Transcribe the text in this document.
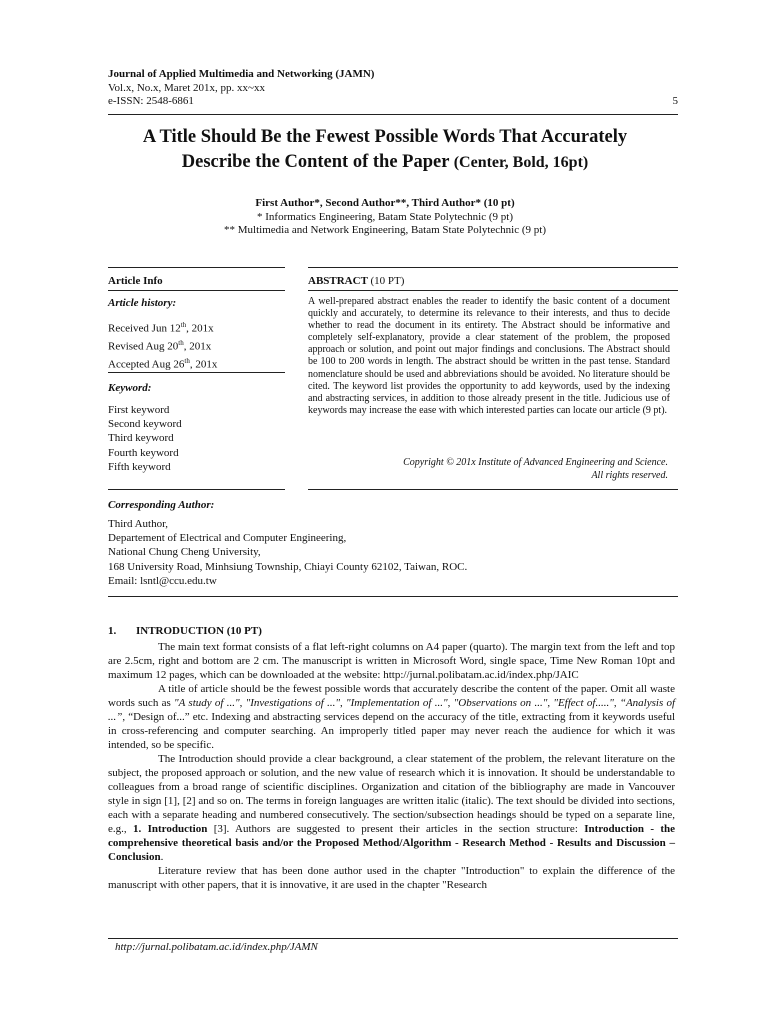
Journal of Applied Multimedia and Networking (JAMN)
Vol.x, No.x, Maret 201x, pp. xx~xx
e-ISSN: 2548-6861	5
A Title Should Be the Fewest Possible Words That Accurately
Describe the Content of the Paper (Center, Bold, 16pt)
First Author*, Second Author**, Third Author* (10 pt)
* Informatics Engineering, Batam State Polytechnic (9 pt)
** Multimedia and Network Engineering, Batam State Polytechnic (9 pt)
Article Info	ABSTRACT (10 PT)
Article history:
Received Jun 12th, 201x
Revised Aug 20th, 201x
Accepted Aug 26th, 201x
Keyword:
First keyword
Second keyword
Third keyword
Fourth keyword
Fifth keyword
A well-prepared abstract enables the reader to identify the basic content of a document quickly and accurately, to determine its relevance to their interests, and thus to decide whether to read the document in its entirety. The Abstract should be informative and completely self-explanatory, provide a clear statement of the problem, the proposed approach or solution, and point out major findings and conclusions. The Abstract should be 100 to 200 words in length. The abstract should be written in the past tense. Standard nomenclature should be used and abbreviations should be avoided. No literature should be cited. The keyword list provides the opportunity to add keywords, used by the indexing and abstracting services, in addition to those already present in the title. Judicious use of keywords may increase the ease with which interested parties can locate our article (9 pt).
Copyright © 201x Institute of Advanced Engineering and Science.
All rights reserved.
Corresponding Author:
Third Author,
Departement of Electrical and Computer Engineering,
National Chung Cheng University,
168 University Road, Minhsiung Township, Chiayi County 62102, Taiwan, ROC.
Email: lsntl@ccu.edu.tw
1. INTRODUCTION (10 PT)

The main text format consists of a flat left-right columns on A4 paper (quarto). The margin text from the left and top are 2.5cm, right and bottom are 2 cm. The manuscript is written in Microsoft Word, single space, Time New Roman 10pt and maximum 12 pages, which can be downloaded at the website: http://jurnal.polibatam.ac.id/index.php/JAIC

A title of article should be the fewest possible words that accurately describe the content of the paper. Omit all waste words such as "A study of ...", "Investigations of ...", "Implementation of ...", "Observations on ...", "Effect of.....", “Analysis of ...”, “Design of...” etc. Indexing and abstracting services depend on the accuracy of the title, extracting from it keywords useful in cross-referencing and computer searching. An improperly titled paper may never reach the audience for which it was intended, so be specific.

The Introduction should provide a clear background, a clear statement of the problem, the relevant literature on the subject, the proposed approach or solution, and the new value of research which it is innovation. It should be understandable to colleagues from a broad range of scientific disciplines. Organization and citation of the bibliography are made in Vancouver style in sign [1], [2] and so on. The terms in foreign languages are written italic (italic). The text should be divided into sections, each with a separate heading and numbered consecutively. The section/subsection headings should be typed on a separate line, e.g., 1. Introduction [3]. Authors are suggested to present their articles in the section structure: Introduction - the comprehensive theoretical basis and/or the Proposed Method/Algorithm - Research Method - Results and Discussion – Conclusion.

Literature review that has been done author used in the chapter "Introduction" to explain the difference of the manuscript with other papers, that it is innovative, it are used in the chapter "Research

http://jurnal.polibatam.ac.id/index.php/JAMN
